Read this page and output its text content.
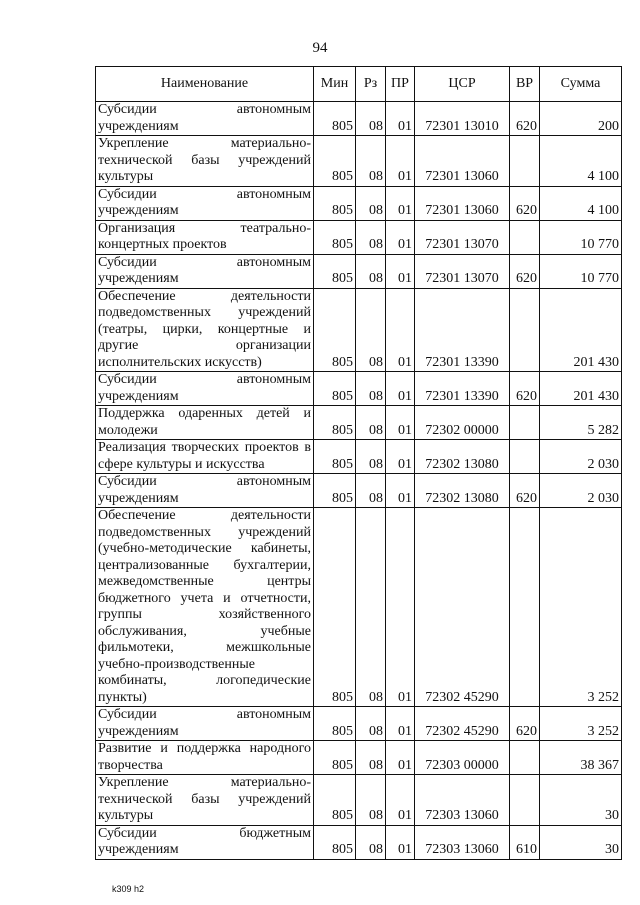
94
Наименование	Мин	Рз	ПР	ЦСР	ВР	Сумма
Субсидии автономным учреждениям	805	08	01	72301 13010	620	200
Укрепление материально-технической базы учреждений культуры	805	08	01	72301 13060		4 100
Субсидии автономным учреждениям	805	08	01	72301 13060	620	4 100
Организация театрально-концертных проектов	805	08	01	72301 13070		10 770
Субсидии автономным учреждениям	805	08	01	72301 13070	620	10 770
Обеспечение деятельности подведомственных учреждений (театры, цирки, концертные и другие организации исполнительских искусств)	805	08	01	72301 13390		201 430
Субсидии автономным учреждениям	805	08	01	72301 13390	620	201 430
Поддержка одаренных детей и молодежи	805	08	01	72302 00000		5 282
Реализация творческих проектов в сфере культуры и искусства	805	08	01	72302 13080		2 030
Субсидии автономным учреждениям	805	08	01	72302 13080	620	2 030
Обеспечение деятельности подведомственных учреждений (учебно-методические кабинеты, централизованные бухгалтерии, межведомственные центры бюджетного учета и отчетности, группы хозяйственного обслуживания, учебные фильмотеки, межшкольные учебно-производственные комбинаты, логопедические пункты)	805	08	01	72302 45290		3 252
Субсидии автономным учреждениям	805	08	01	72302 45290	620	3 252
Развитие и поддержка народного творчества	805	08	01	72303 00000		38 367
Укрепление материально-технической базы учреждений культуры	805	08	01	72303 13060		30
Субсидии бюджетным учреждениям	805	08	01	72303 13060	610	30
k309 h2
